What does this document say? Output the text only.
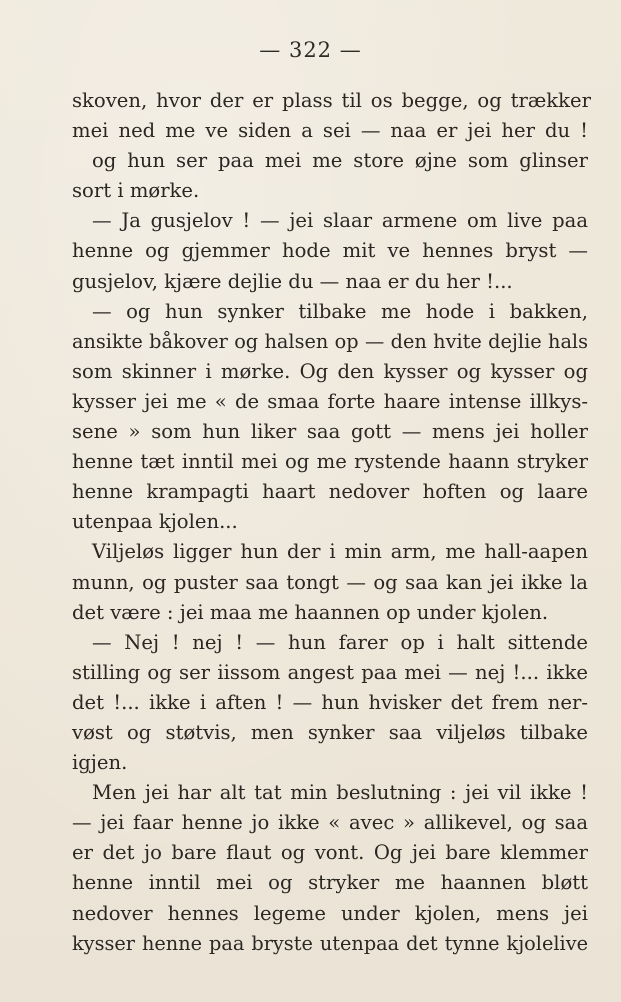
— 322 —
skoven, hvor der er plass til os begge, og trækker
mei ned me ve siden a sei — naa er jei her du !
og hun ser paa mei me store øjne som glinser
sort i mørke.
— Ja gusjelov ! — jei slaar armene om live paa
henne og gjemmer hode mit ve hennes bryst —
gusjelov, kjære dejlie du — naa er du her !...
— og hun synker tilbake me hode i bakken,
ansikte båkover og halsen op — den hvite dejlie hals
som skinner i mørke. Og den kysser og kysser og
kysser jei me « de smaa forte haare intense illkys-
sene » som hun liker saa gott — mens jei holler
henne tæt inntil mei og me rystende haann stryker
henne krampagti haart nedover hoften og laare
utenpaa kjolen...
Viljeløs ligger hun der i min arm, me hall-aapen
munn, og puster saa tongt — og saa kan jei ikke la
det være : jei maa me haannen op under kjolen.
— Nej ! nej ! — hun farer op i halt sittende
stilling og ser iissom angest paa mei — nej !... ikke
det !... ikke i aften ! — hun hvisker det frem ner-
vøst og støtvis, men synker saa viljeløs tilbake
igjen.
Men jei har alt tat min beslutning : jei vil ikke !
— jei faar henne jo ikke « avec » allikevel, og saa
er det jo bare flaut og vont. Og jei bare klemmer
henne inntil mei og stryker me haannen bløtt
nedover hennes legeme under kjolen, mens jei
kysser henne paa bryste utenpaa det tynne kjolelive
